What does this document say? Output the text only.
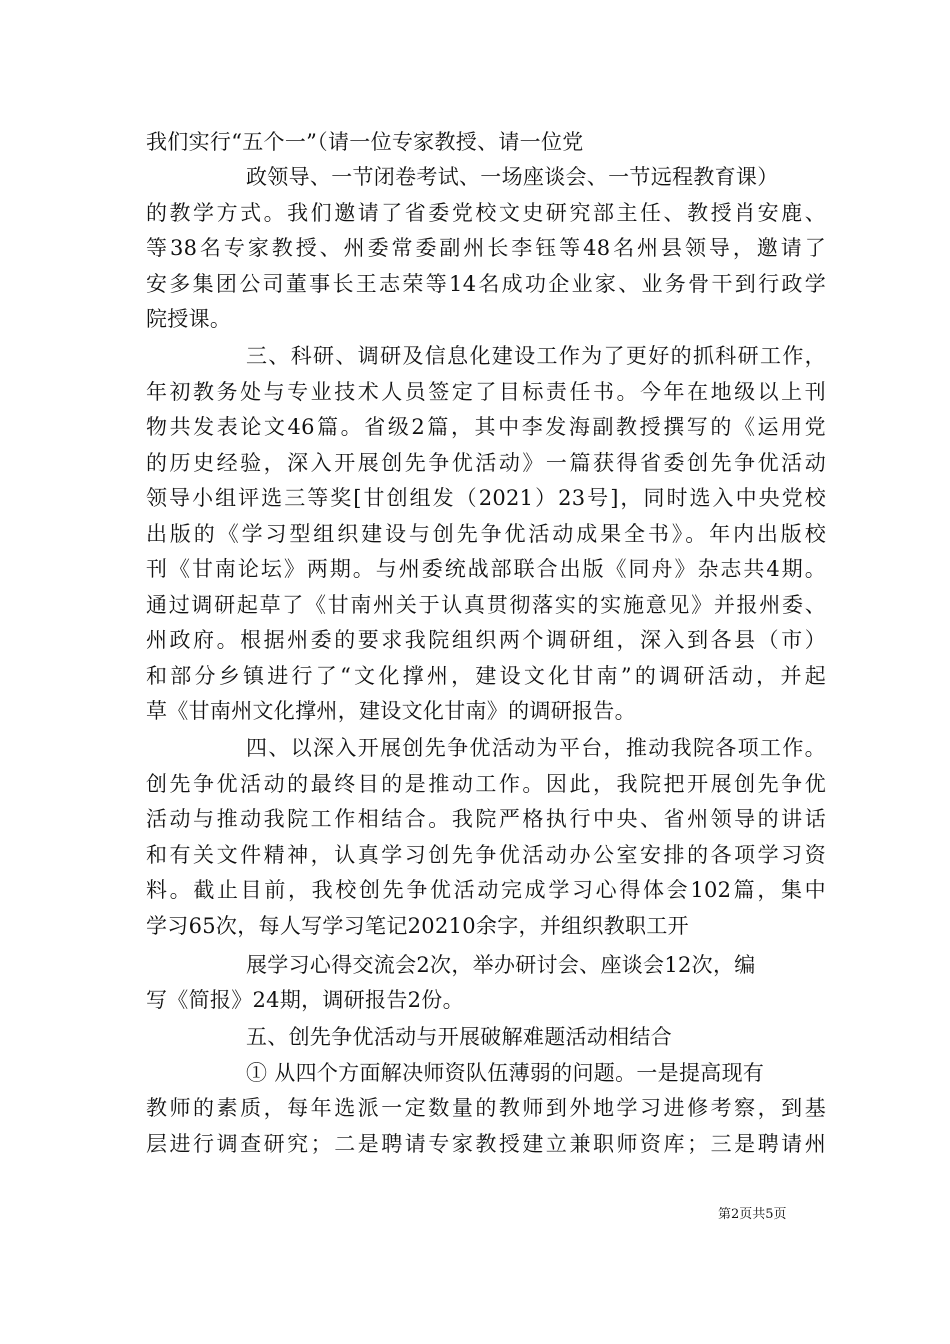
我们实行“五个一”（请一位专家教授、请一位党
政领导、一节闭卷考试、一场座谈会、一节远程教育课）
的教学方式。我们邀请了省委党校文史研究部主任、教授肖安鹿、
等38名专家教授、州委常委副州长李钰等48名州县领导，邀请了
安多集团公司董事长王志荣等14名成功企业家、业务骨干到行政学
院授课。
三、科研、调研及信息化建设工作为了更好的抓科研工作，
年初教务处与专业技术人员签定了目标责任书。今年在地级以上刊
物共发表论文46篇。省级2篇，其中李发海副教授撰写的《运用党
的历史经验，深入开展创先争优活动》一篇获得省委创先争优活动
领导小组评选三等奖[甘创组发（2021）23号]，同时选入中央党校
出版的《学习型组织建设与创先争优活动成果全书》。年内出版校
刊《甘南论坛》两期。与州委统战部联合出版《同舟》杂志共4期。
通过调研起草了《甘南州关于认真贯彻落实的实施意见》并报州委、
州政府。根据州委的要求我院组织两个调研组，深入到各县（市）
和部分乡镇进行了“文化撑州，建设文化甘南”的调研活动，并起
草《甘南州文化撑州，建设文化甘南》的调研报告。
四、以深入开展创先争优活动为平台，推动我院各项工作。
创先争优活动的最终目的是推动工作。因此，我院把开展创先争优
活动与推动我院工作相结合。我院严格执行中央、省州领导的讲话
和有关文件精神，认真学习创先争优活动办公室安排的各项学习资
料。截止目前，我校创先争优活动完成学习心得体会102篇，集中
学习65次，每人写学习笔记20210余字，并组织教职工开
展学习心得交流会2次，举办研讨会、座谈会12次，编
写《简报》24期，调研报告2份。
五、创先争优活动与开展破解难题活动相结合
① 从四个方面解决师资队伍薄弱的问题。一是提高现有
教师的素质，每年选派一定数量的教师到外地学习进修考察，到基
层进行调查研究；二是聘请专家教授建立兼职师资库；三是聘请州
第2页共5页
